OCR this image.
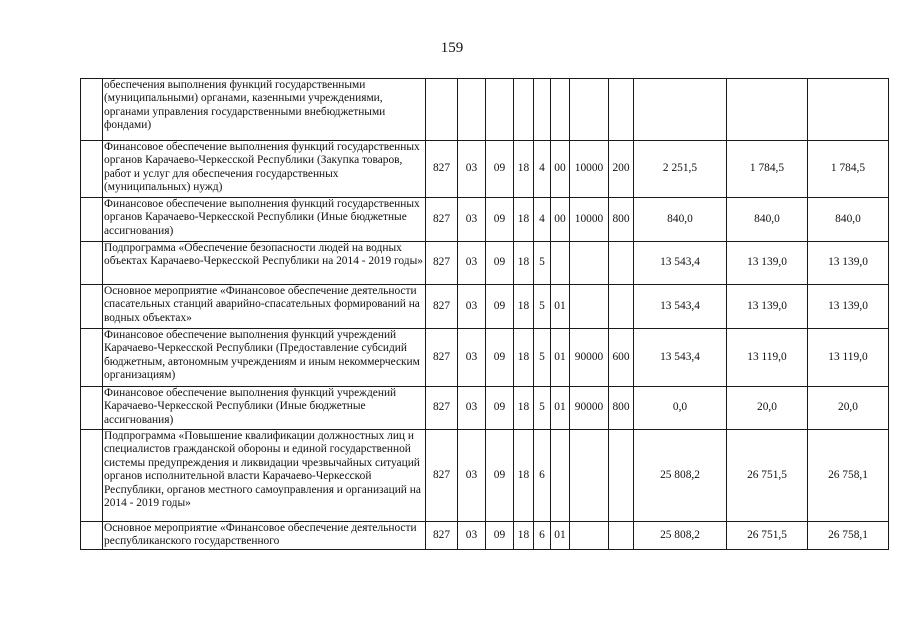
159
	обеспечения выполнения функций государственными (муниципальными) органами, казенными учреждениями, органами управления государственными внебюджетными фондами)											
	Финансовое обеспечение выполнения функций государственных органов Карачаево-Черкесской Республики (Закупка товаров, работ и услуг для обеспечения государственных (муниципальных) нужд)	827	03	09	18	4	00	10000	200	2 251,5	1 784,5	1 784,5
	Финансовое обеспечение выполнения функций государственных органов Карачаево-Черкесской Республики (Иные бюджетные ассигнования)	827	03	09	18	4	00	10000	800	840,0	840,0	840,0
	Подпрограмма «Обеспечение безопасности людей на водных объектах Карачаево-Черкесской Республики на 2014 - 2019 годы»	827	03	09	18	5				13 543,4	13 139,0	13 139,0
	Основное мероприятие «Финансовое обеспечение деятельности спасательных станций аварийно-спасательных формирований на водных объектах»	827	03	09	18	5	01			13 543,4	13 139,0	13 139,0
	Финансовое обеспечение выполнения функций учреждений Карачаево-Черкесской Республики (Предоставление субсидий бюджетным, автономным учреждениям и иным некоммерческим организациям)	827	03	09	18	5	01	90000	600	13 543,4	13 119,0	13 119,0
	Финансовое обеспечение выполнения функций учреждений Карачаево-Черкесской Республики (Иные бюджетные ассигнования)	827	03	09	18	5	01	90000	800	0,0	20,0	20,0
	Подпрограмма «Повышение квалификации должностных лиц и специалистов гражданской обороны и единой государственной системы предупреждения и ликвидации чрезвычайных ситуаций органов исполнительной власти Карачаево-Черкесской Республики, органов местного самоуправления и организаций на 2014 - 2019 годы»	827	03	09	18	6				25 808,2	26 751,5	26 758,1
	Основное мероприятие «Финансовое обеспечение деятельности республиканского государственного	827	03	09	18	6	01			25 808,2	26 751,5	26 758,1
